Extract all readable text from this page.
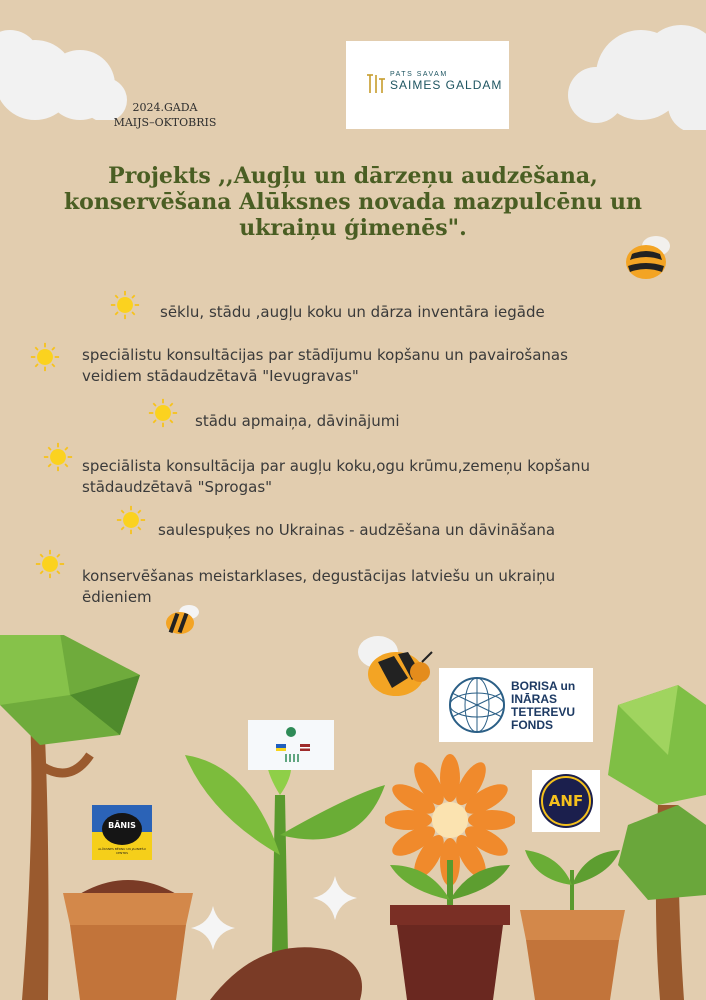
2024.GADA
MAIJS–OKTOBRIS
PATS SAVAM
SAIMES GALDAM
Projekts ,,Augļu un dārzeņu audzēšana,
konservēšana Alūksnes novada mazpulcēnu un
ukraiņu ģimenēs".
sēklu, stādu ,augļu koku un dārza inventāra iegāde
speciālistu konsultācijas par stādījumu kopšanu un pavairošanas
veidiem stādaudzētavā "Ievugravas"
stādu apmaiņa, dāvinājumi
speciālista konsultācija par augļu koku,ogu krūmu,zemeņu kopšanu
stādaudzētavā "Sprogas"
saulespuķes no Ukrainas - audzēšana un dāvināšana
konservēšanas meistarklases, degustācijas latviešu un ukraiņu
ēdieniem
BORISA un
INĀRAS
TETEREVU
FONDS
ANF
BĀNIS
ALŪKSNES BĒRNU UN JAUNIEŠU CENTRS
